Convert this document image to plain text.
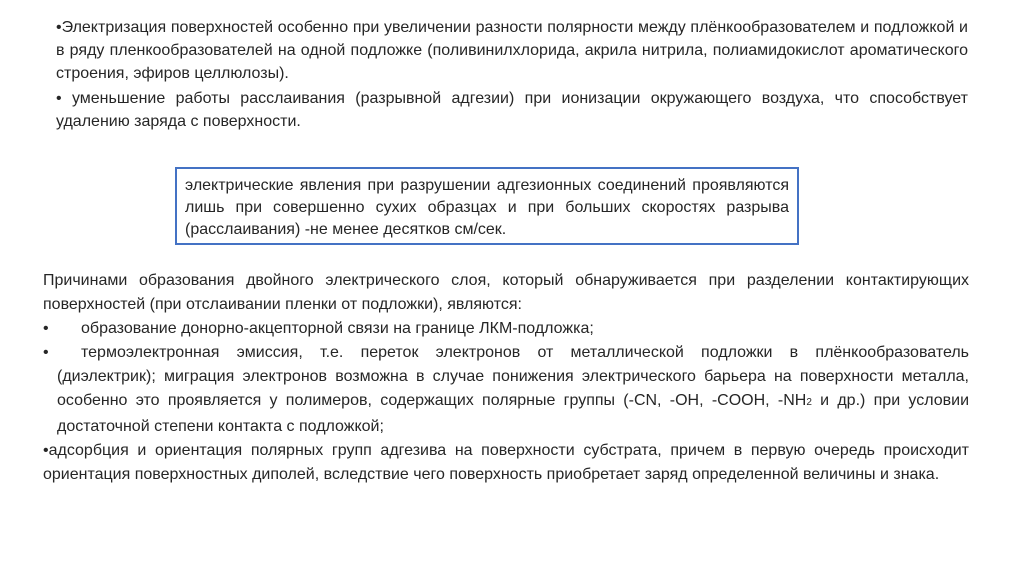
•Электризация поверхностей особенно при увеличении разности полярности между плёнкообразователем и подложкой и в ряду пленкообразователей на одной подложке (поливинилхлорида, акрила нитрила, полиамидокислот ароматического строения, эфиров целлюлозы).

• уменьшение работы расслаивания (разрывной адгезии) при ионизации окружающего воздуха, что способствует удалению заряда с поверхности.

электрические явления при разрушении адгезионных соединений проявляются лишь при совершенно сухих образцах и при больших скоростях разрыва (расслаивания) -не менее десятков см/сек.

Причинами образования двойного электрического слоя, который обнаруживается при разделении контактирующих поверхностей (при отслаивании пленки от подложки), являются:

•	образование донорно-акцепторной связи на границе ЛКМ-подложка;
•	термоэлектронная эмиссия, т.е. переток электронов от металлической подложки в плёнкообразователь
(диэлектрик); миграция электронов возможна в случае понижения электрического барьера на поверхности металла, особенно это проявляется у полимеров, содержащих полярные группы (-CN, -OH, -COOH, -NH2 и др.) при условии достаточной степени контакта с подложкой;
•адсорбция и ориентация полярных групп адгезива на поверхности субстрата, причем в первую очередь происходит ориентация поверхностных диполей, вследствие чего поверхность приобретает заряд определенной величины и знака.
